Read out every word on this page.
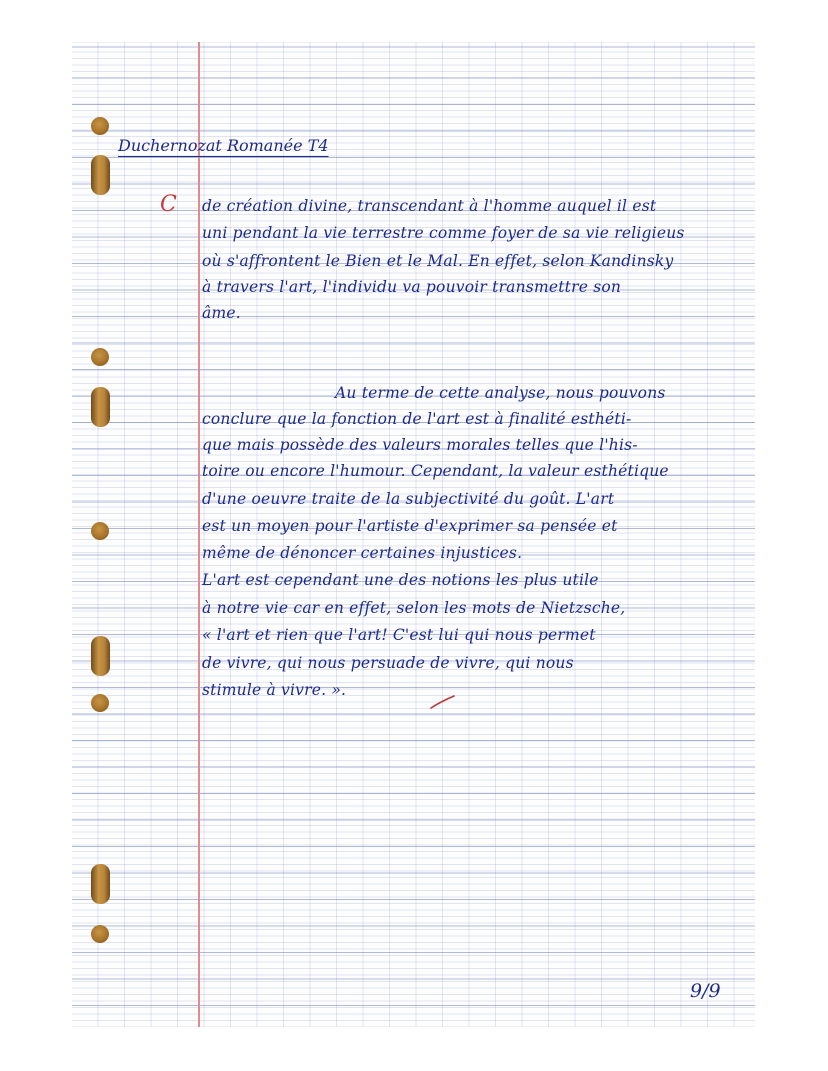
Duchernozat Romanée T4
C de création divine, transcendant à l'homme auquel il est
uni pendant la vie terrestre comme foyer de sa vie religieus
où s'affrontent le Bien et le Mal. En effet, selon Kandinsky
à travers l'art, l'individu va pouvoir transmettre son
âme.
Au terme de cette analyse, nous pouvons
conclure que la fonction de l'art est à finalité esthéti-
que mais possède des valeurs morales telles que l'his-
toire ou encore l'humour. Cependant, la valeur esthétique
d'une oeuvre traite de la subjectivité du goût. L'art
est un moyen pour l'artiste d'exprimer sa pensée et
même de dénoncer certaines injustices.
L'art est cependant une des notions les plus utile
à notre vie car en effet, selon les mots de Nietzsche,
« l'art et rien que l'art! C'est lui qui nous permet
de vivre, qui nous persuade de vivre, qui nous
stimule à vivre. ».
9/9
